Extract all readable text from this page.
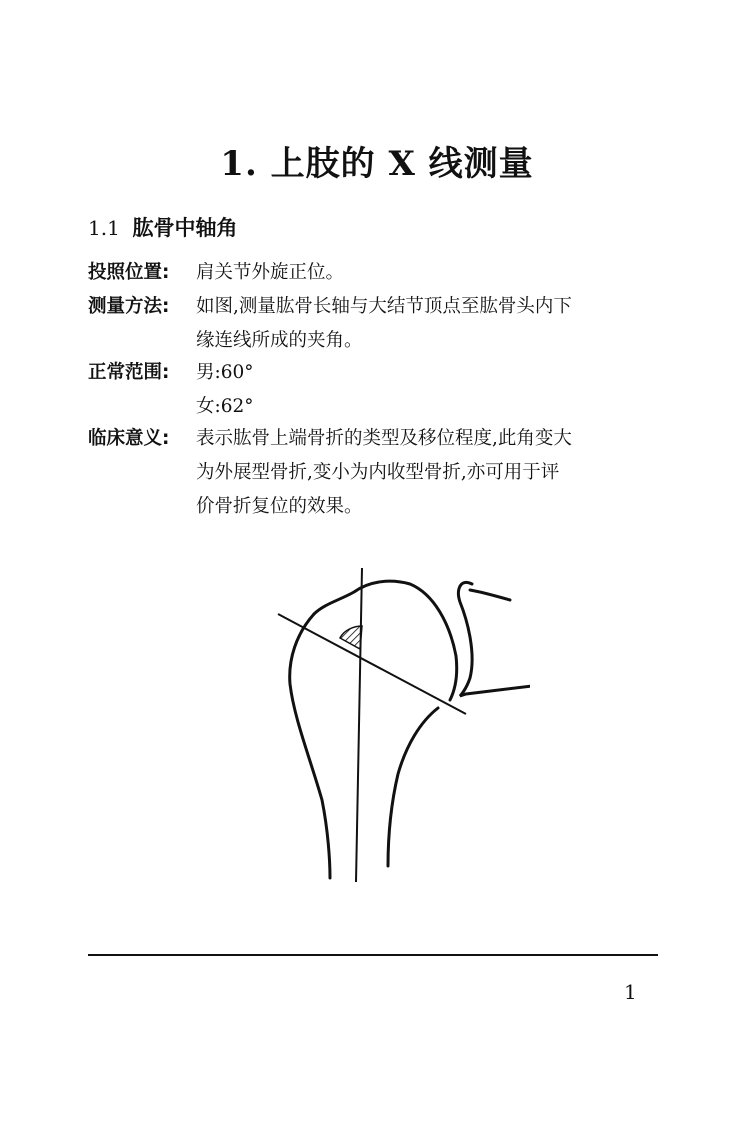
1. 上肢的 X 线测量
1.1 肱骨中轴角
投照位置: 肩关节外旋正位。
测量方法: 如图,测量肱骨长轴与大结节顶点至肱骨头内下
缘连线所成的夹角。
正常范围: 男:60°
女:62°
临床意义: 表示肱骨上端骨折的类型及移位程度,此角变大
为外展型骨折,变小为内收型骨折,亦可用于评
价骨折复位的效果。
1
